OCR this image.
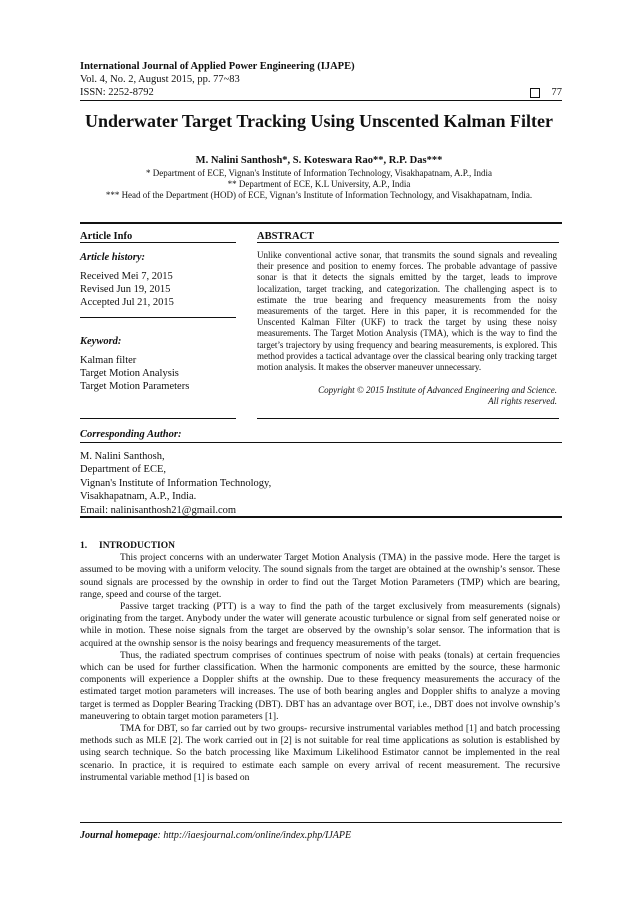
International Journal of Applied Power Engineering (IJAPE)
Vol. 4, No. 2, August 2015, pp. 77~83
ISSN: 2252-8792	77
Underwater Target Tracking Using Unscented Kalman Filter
M. Nalini Santhosh*, S. Koteswara Rao**, R.P. Das***
* Department of ECE, Vignan's Institute of Information Technology, Visakhapatnam, A.P., India
** Department of ECE, K.L University, A.P., India
*** Head of the Department (HOD) of ECE, Vignan’s Institute of Information Technology, and Visakhapatnam, India.
Article Info
Article history:
Received Mei 7, 2015
Revised Jun 19, 2015
Accepted Jul 21, 2015
Keyword:
Kalman filter
Target Motion Analysis
Target Motion Parameters
ABSTRACT
Unlike conventional active sonar, that transmits the sound signals and revealing their presence and position to enemy forces. The probable advantage of passive sonar is that it detects the signals emitted by the target, leads to improve localization, target tracking, and categorization. The challenging aspect is to estimate the true bearing and frequency measurements from the noisy measurements of the target. Here in this paper, it is recommended for the Unscented Kalman Filter (UKF) to track the target by using these noisy measurements. The Target Motion Analysis (TMA), which is the way to find the target’s trajectory by using frequency and bearing measurements, is explored. This method provides a tactical advantage over the classical bearing only tracking target motion analysis. It makes the observer maneuver unnecessary.
Copyright © 2015 Institute of Advanced Engineering and Science.
All rights reserved.
Corresponding Author:
M. Nalini Santhosh,
Department of ECE,
Vignan's Institute of Information Technology,
Visakhapatnam, A.P., India.
Email: nalinisanthosh21@gmail.com
1.     INTRODUCTION

This project concerns with an underwater Target Motion Analysis (TMA) in the passive mode. Here the target is assumed to be moving with a uniform velocity. The sound signals from the target are obtained at the ownship’s sensor. These sound signals are processed by the ownship in order to find out the Target Motion Parameters (TMP) which are bearing, range, speed and course of the target.

Passive target tracking (PTT) is a way to find the path of the target exclusively from measurements (signals) originating from the target. Anybody under the water will generate acoustic turbulence or signal from self generated noise or while in motion. These noise signals from the target are observed by the ownship’s solar sensor. The information that is acquired at the ownship sensor is the noisy bearings and frequency measurements of the target.

Thus, the radiated spectrum comprises of continues spectrum of noise with peaks (tonals) at certain frequencies which can be used for further classification. When the harmonic components are emitted by the source, these harmonic components will experience a Doppler shifts at the ownship. Due to these frequency measurements the accuracy of the estimated target motion parameters will increases. The use of both bearing angles and Doppler shifts to analyze a moving target is termed as Doppler Bearing Tracking (DBT). DBT has an advantage over BOT, i.e., DBT does not involve ownship’s maneuvering to obtain target motion parameters [1].

TMA for DBT, so far carried out by two groups- recursive instrumental variables method [1] and batch processing methods such as MLE [2]. The work carried out in [2] is not suitable for real time applications as solution is established by using search technique. So the batch processing like Maximum Likelihood Estimator cannot be implemented in the real scenario. In practice, it is required to estimate each sample on every arrival of recent measurement. The recursive instrumental variable method [1] is based on

Journal homepage: http://iaesjournal.com/online/index.php/IJAPE
